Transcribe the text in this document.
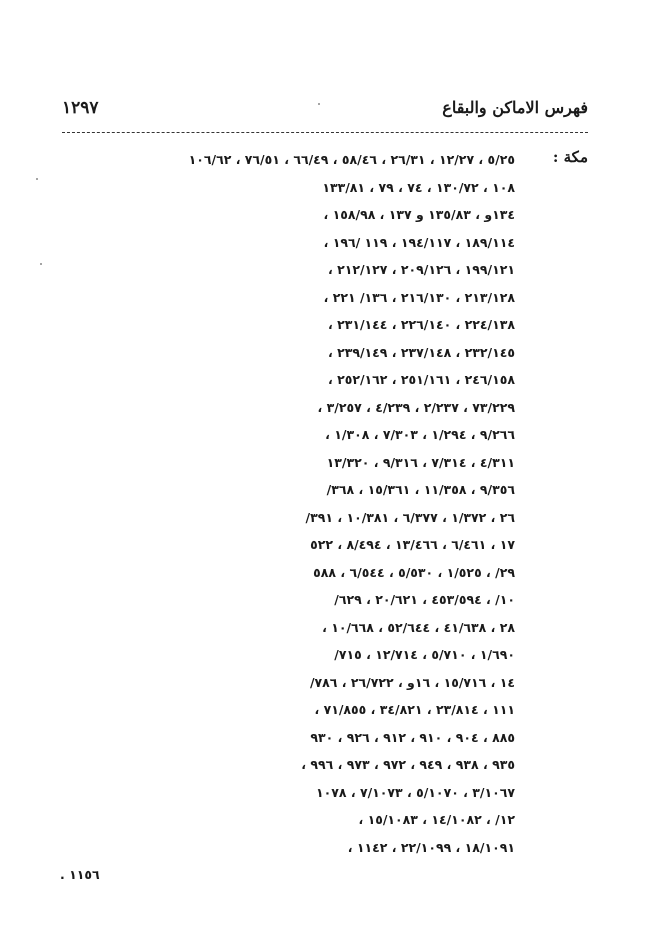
فهرس الاماكن والبقاع
١٢٩٧
مكة :
٥/٢٥ ، ١٢/٢٧ ، ٢٦/٣١ ، ٥٨/٤٦ ، ٦٦/٤٩ ، ٧٦/٥١ ، ١٠٦/٦٢
١٠٨ ، ١٣٠/٧٢ ، ٧٤ ، ٧٩ ، ١٣٣/٨١
١٣٤و ، ١٣٥/٨٣ و ١٣٧ ، ١٥٨/٩٨ ،
١٨٩/١١٤ ، ١٩٤/١١٧ ، ١١٩ /١٩٦ ،
١٩٩/١٢١ ، ٢٠٩/١٢٦ ، ٢١٢/١٢٧ ،
٢١٣/١٢٨ ، ٢١٦/١٣٠ ، ١٣٦/ ٢٢١ ،
٢٢٤/١٣٨ ، ٢٢٦/١٤٠ ، ٢٣١/١٤٤ ،
٢٣٢/١٤٥ ، ٢٣٧/١٤٨ ، ٢٣٩/١٤٩ ،
٢٤٦/١٥٨ ، ٢٥١/١٦١ ، ٢٥٢/١٦٢ ،
٧٣/٢٢٩ ، ٢/٢٣٧ ، ٤/٢٣٩ ، ٣/٢٥٧ ،
٩/٢٦٦ ، ١/٢٩٤ ، ٧/٣٠٣ ، ١/٣٠٨ ،
٤/٣١١ ، ٧/٣١٤ ، ٩/٣١٦ ، ١٣/٣٢٠
٩/٣٥٦ ، ١١/٣٥٨ ، ١٥/٣٦١ ، ٣٦٨/
٢٦ ، ١/٣٧٢ ، ٦/٣٧٧ ، ١٠/٣٨١ ، ٣٩١/
١٧ ، ٦/٤٦١ ، ١٣/٤٦٦ ، ٨/٤٩٤ ، ٥٢٢
٢٩/ ، ١/٥٢٥ ، ٥/٥٣٠ ، ٦/٥٤٤ ، ٥٨٨
١٠/ ، ٤٥٣/٥٩٤ ، ٢٠/٦٢١ ، ٦٢٩/
٢٨ ، ٤١/٦٣٨ ، ٥٢/٦٤٤ ، ١٠/٦٦٨ ،
١/٦٩٠ ، ٥/٧١٠ ، ١٢/٧١٤ ، ٧١٥/
١٤ ، ١٥/٧١٦ ، ١٦و ، ٢٦/٧٢٢ ، ٧٨٦/
١١١ ، ٢٣/٨١٤ ، ٣٤/٨٢١ ، ٧١/٨٥٥ ،
٨٨٥ ، ٩٠٤ ، ٩١٠ ، ٩١٢ ، ٩٢٦ ، ٩٣٠
٩٣٥ ، ٩٣٨ ، ٩٤٩ ، ٩٧٢ ، ٩٧٣ ، ٩٩٦ ،
٣/١٠٦٧ ، ٥/١٠٧٠ ، ٧/١٠٧٣ ، ١٠٧٨
١٢/ ، ١٤/١٠٨٢ ، ١٥/١٠٨٣ ،
١٨/١٠٩١ ، ٢٢/١٠٩٩ ، ١١٤٢ ،
١١٥٦ .
